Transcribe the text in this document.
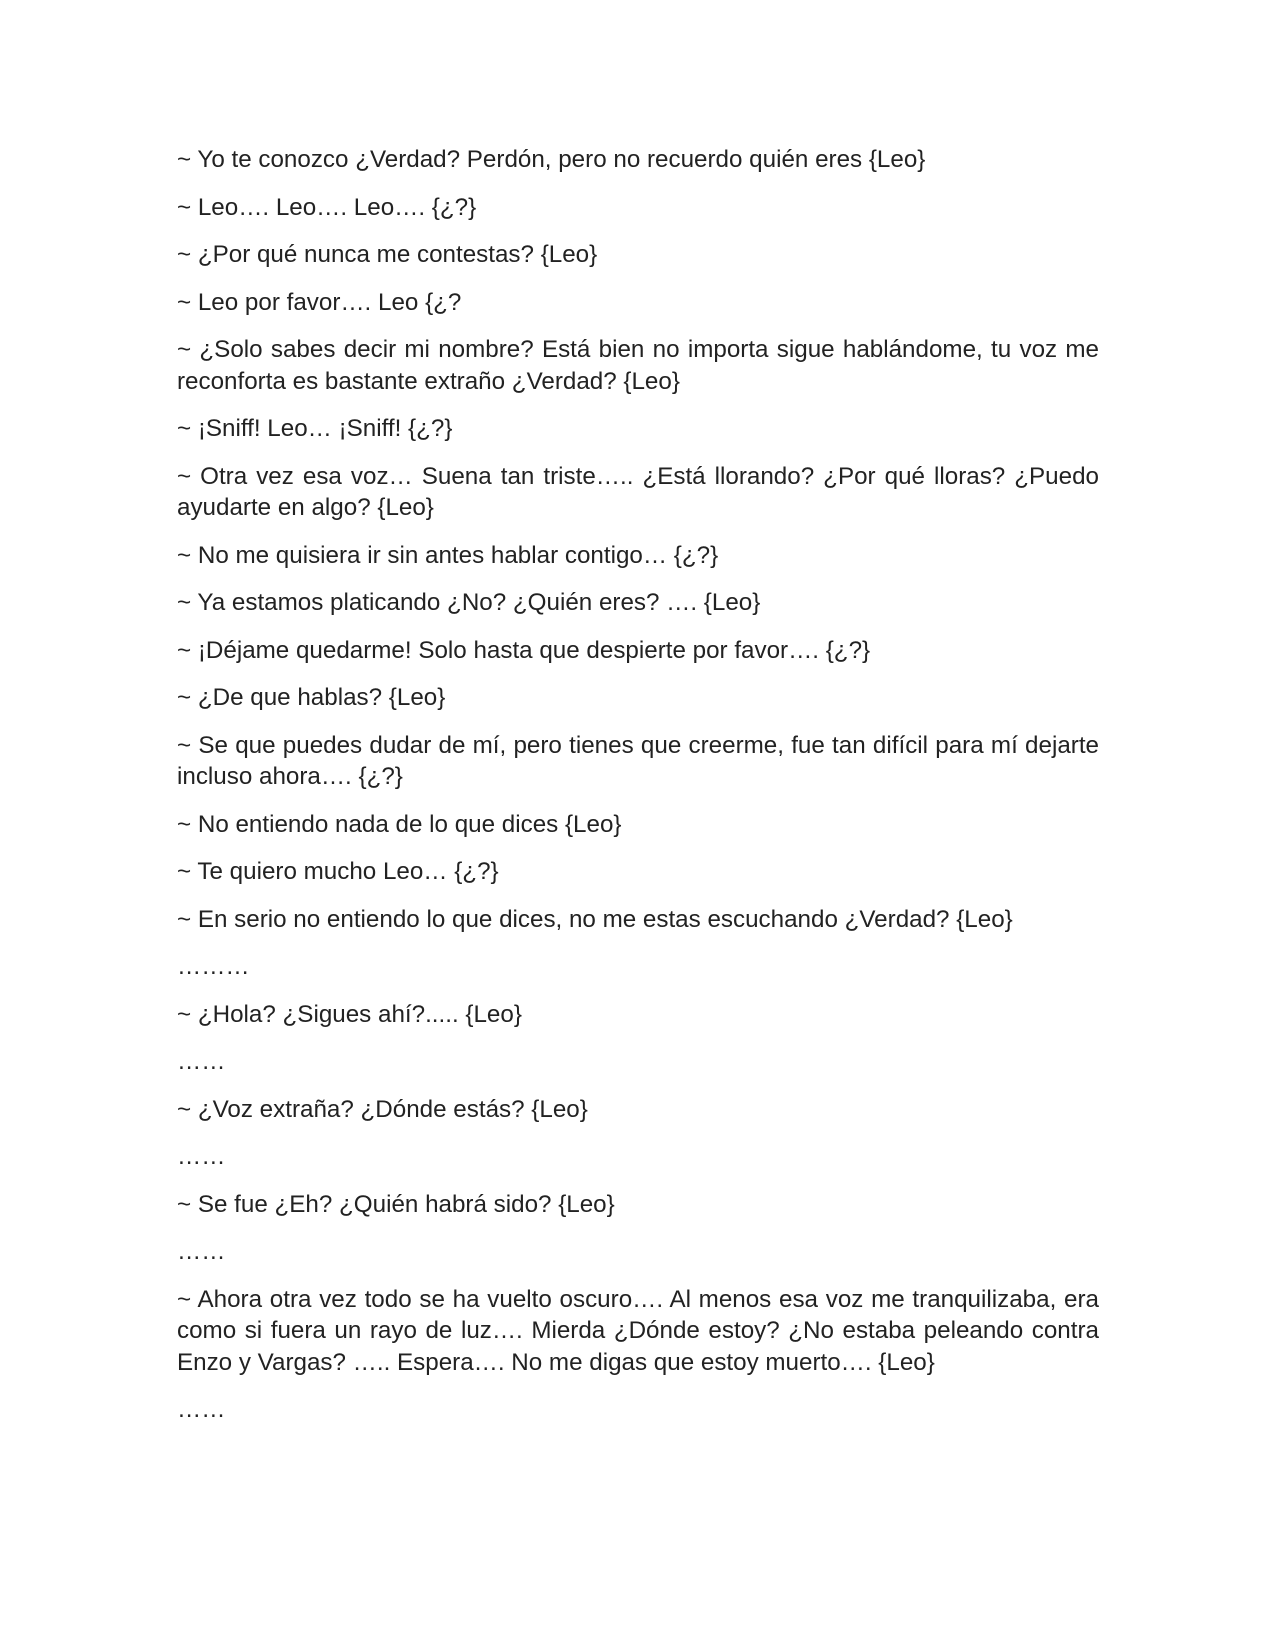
~ Yo te conozco ¿Verdad? Perdón, pero no recuerdo quién eres {Leo}

~ Leo…. Leo…. Leo…. {¿?}

~ ¿Por qué nunca me contestas? {Leo}

~ Leo por favor…. Leo {¿?

~ ¿Solo sabes decir mi nombre? Está bien no importa sigue hablándome, tu voz me reconforta es bastante extraño ¿Verdad? {Leo}

~ ¡Sniff! Leo… ¡Sniff! {¿?}

~ Otra vez esa voz… Suena tan triste….. ¿Está llorando? ¿Por qué lloras? ¿Puedo ayudarte en algo? {Leo}

~ No me quisiera ir sin antes hablar contigo… {¿?}

~ Ya estamos platicando ¿No? ¿Quién eres? …. {Leo}

~ ¡Déjame quedarme! Solo hasta que despierte por favor…. {¿?}

~ ¿De que hablas? {Leo}

~ Se que puedes dudar de mí, pero tienes que creerme, fue tan difícil para mí dejarte incluso ahora…. {¿?}

~ No entiendo nada de lo que dices {Leo}

~ Te quiero mucho Leo… {¿?}

~ En serio no entiendo lo que dices, no me estas escuchando ¿Verdad? {Leo}

………

~ ¿Hola? ¿Sigues ahí?..... {Leo}

……

~ ¿Voz extraña? ¿Dónde estás? {Leo}

……

~ Se fue ¿Eh? ¿Quién habrá sido? {Leo}

……

~ Ahora otra vez todo se ha vuelto oscuro…. Al menos esa voz me tranquilizaba, era como si fuera un rayo de luz…. Mierda ¿Dónde estoy? ¿No estaba peleando contra Enzo y Vargas? ….. Espera…. No me digas que estoy muerto…. {Leo}

……
